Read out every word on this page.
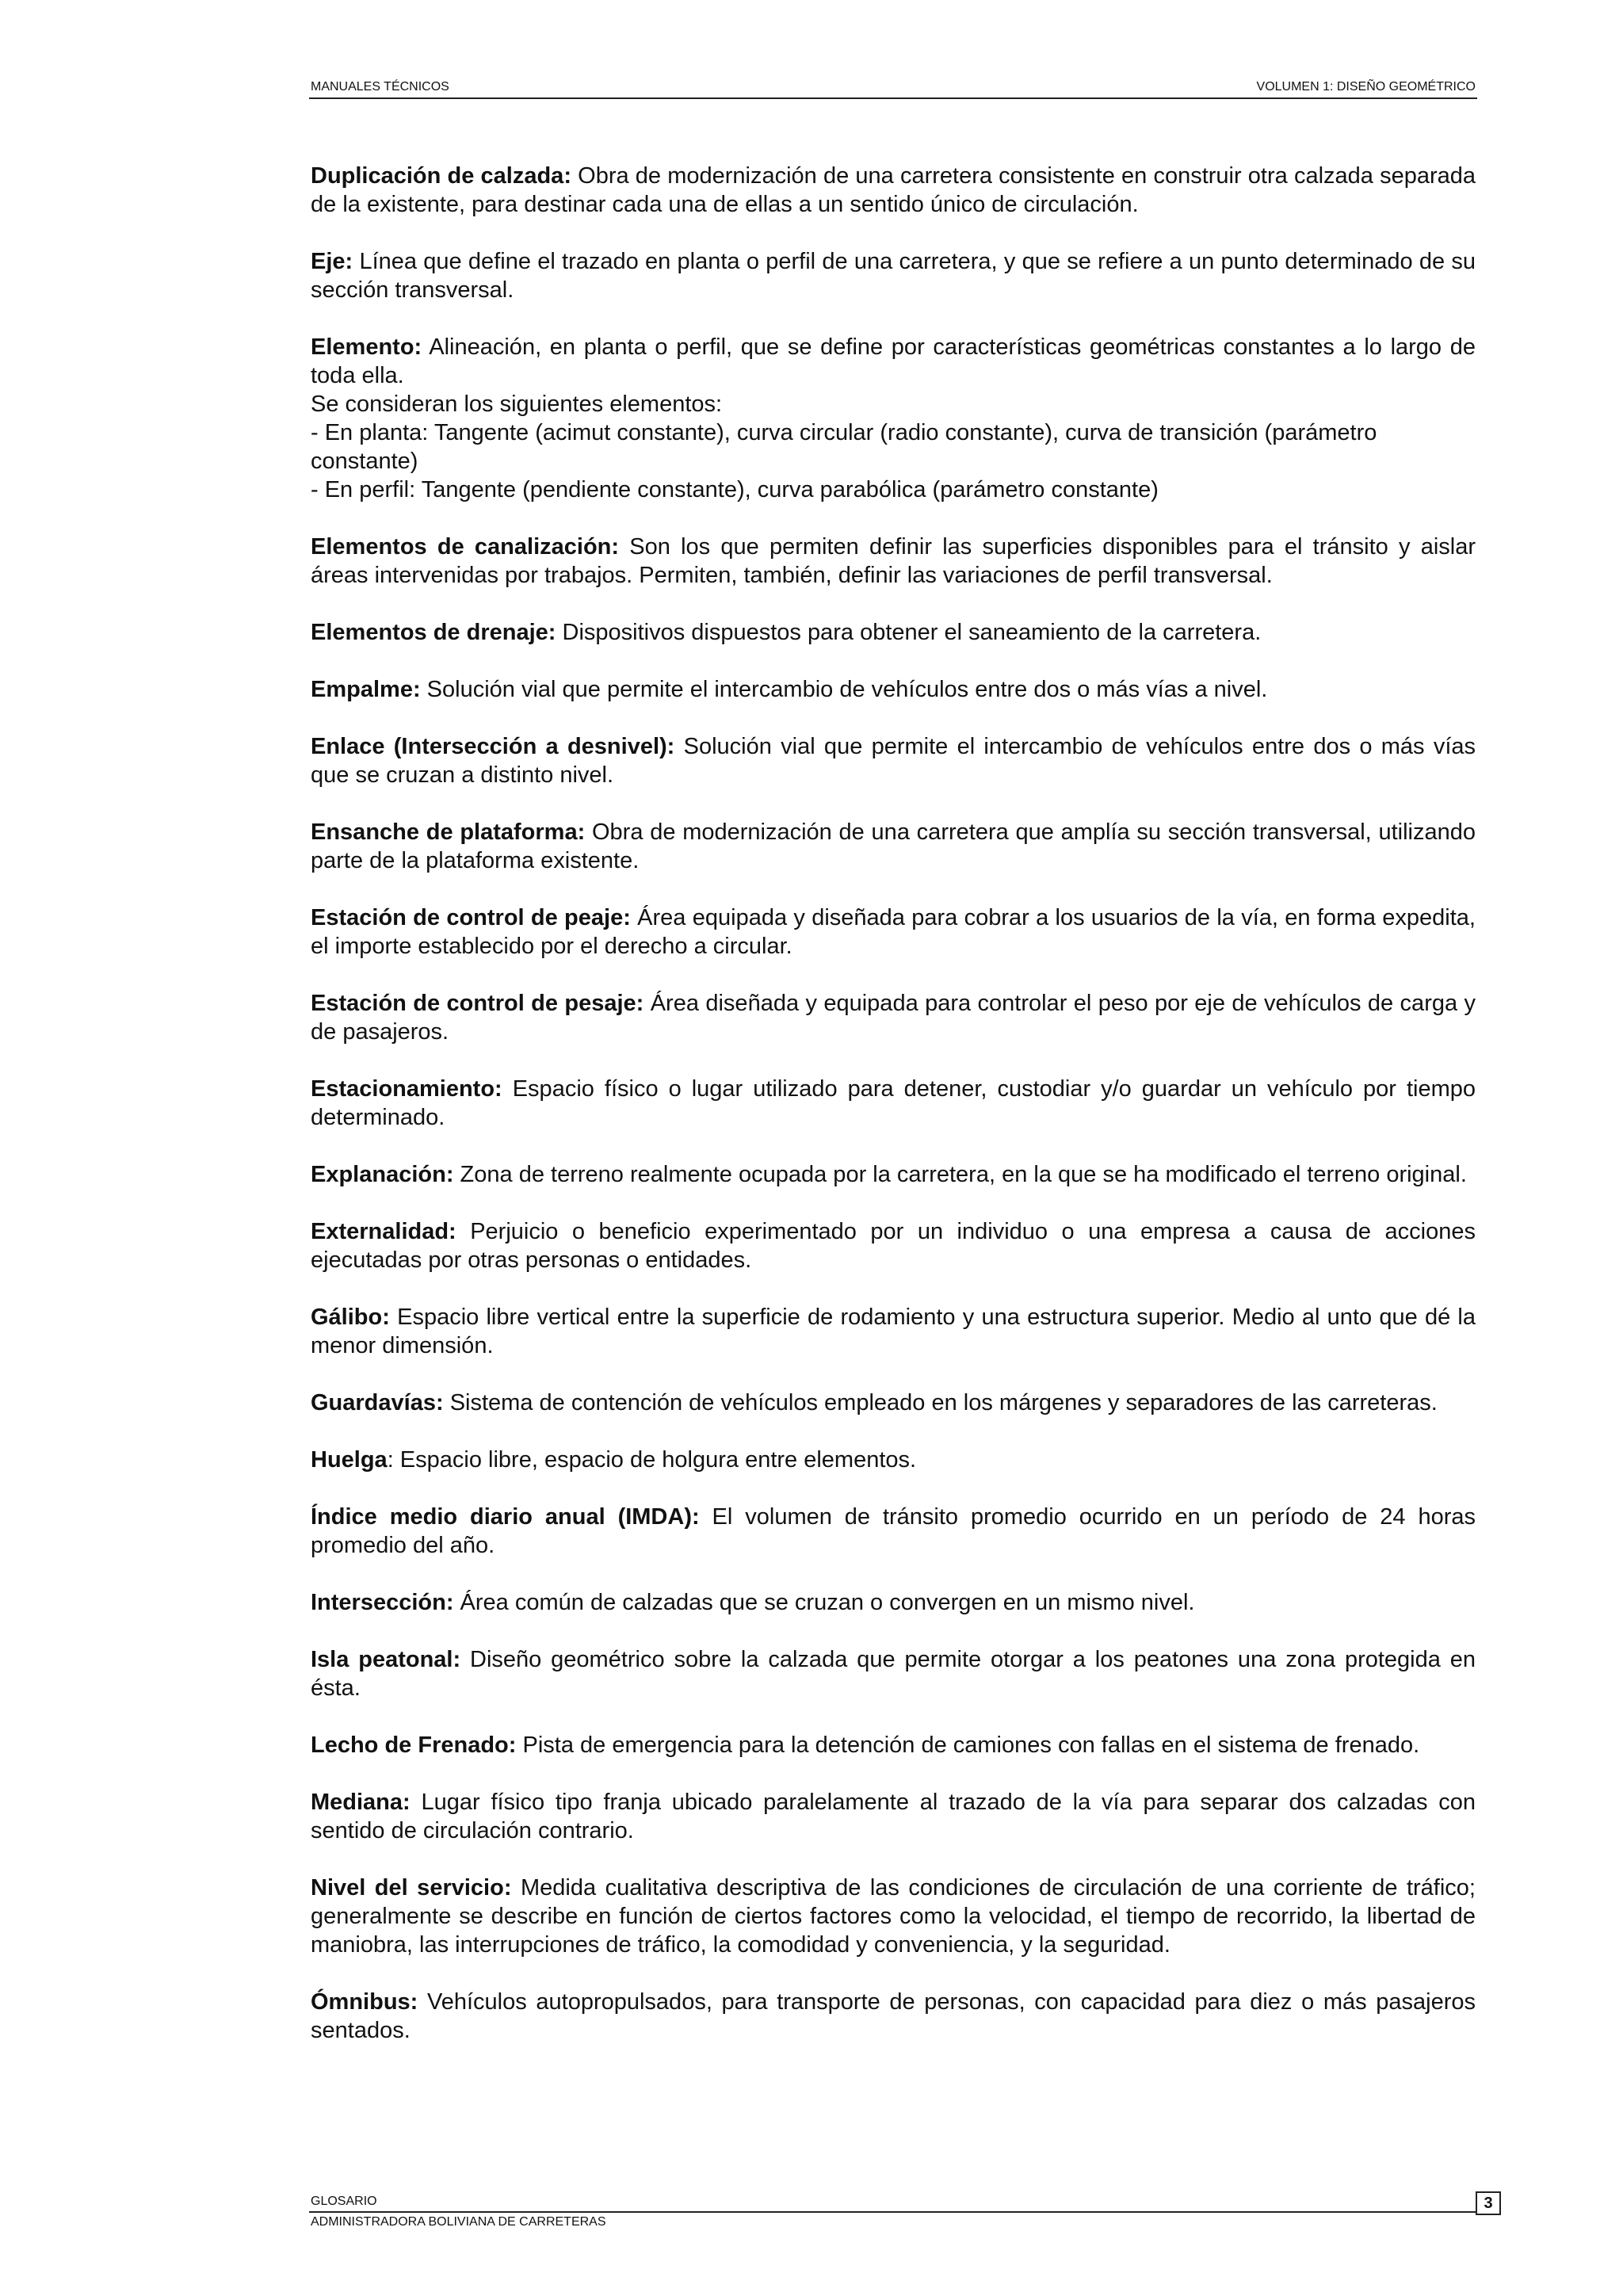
MANUALES TÉCNICOS	VOLUMEN 1: DISEÑO GEOMÉTRICO

Duplicación de calzada: Obra de modernización de una carretera consistente en construir otra calzada separada de la existente, para destinar cada una de ellas a un sentido único de circulación.

Eje: Línea que define el trazado en planta o perfil de una carretera, y que se refiere a un punto determinado de su sección transversal.

Elemento: Alineación, en planta o perfil, que se define por características geométricas constantes a lo largo de toda ella.
Se consideran los siguientes elementos:
- En planta: Tangente (acimut constante), curva circular (radio constante), curva de transición (parámetro constante)
- En perfil: Tangente (pendiente constante), curva parabólica (parámetro constante)

Elementos de canalización: Son los que permiten definir las superficies disponibles para el tránsito y aislar áreas intervenidas por trabajos. Permiten, también, definir las variaciones de perfil transversal.

Elementos de drenaje: Dispositivos dispuestos para obtener el saneamiento de la carretera.

Empalme: Solución vial que permite el intercambio de vehículos entre dos o más vías a nivel.

Enlace (Intersección a desnivel): Solución vial que permite el intercambio de vehículos entre dos o más vías que se cruzan a distinto nivel.

Ensanche de plataforma: Obra de modernización de una carretera que amplía su sección transversal, utilizando parte de la plataforma existente.

Estación de control de peaje: Área equipada y diseñada para cobrar a los usuarios de la vía, en forma expedita, el importe establecido por el derecho a circular.

Estación de control de pesaje: Área diseñada y equipada para controlar el peso por eje de vehículos de carga y de pasajeros.

Estacionamiento: Espacio físico o lugar utilizado para detener, custodiar y/o guardar un vehículo por tiempo determinado.

Explanación: Zona de terreno realmente ocupada por la carretera, en la que se ha modificado el terreno original.

Externalidad: Perjuicio o beneficio experimentado por un individuo o una empresa a causa de acciones ejecutadas por otras personas o entidades.

Gálibo: Espacio libre vertical entre la superficie de rodamiento y una estructura superior. Medio al unto que dé la menor dimensión.

Guardavías: Sistema de contención de vehículos empleado en los márgenes y separadores de las carreteras.

Huelga: Espacio libre, espacio de holgura entre elementos.

Índice medio diario anual (IMDA): El volumen de tránsito promedio ocurrido en un período de 24 horas promedio del año.

Intersección: Área común de calzadas que se cruzan o convergen en un mismo nivel.

Isla peatonal: Diseño geométrico sobre la calzada que permite otorgar a los peatones una zona protegida en ésta.

Lecho de Frenado: Pista de emergencia para la detención de camiones con fallas en el sistema de frenado.

Mediana: Lugar físico tipo franja ubicado paralelamente al trazado de la vía para separar dos calzadas con sentido de circulación contrario.

Nivel del servicio: Medida cualitativa descriptiva de las condiciones de circulación de una corriente de tráfico; generalmente se describe en función de ciertos factores como la velocidad, el tiempo de recorrido, la libertad de maniobra, las interrupciones de tráfico, la comodidad y conveniencia, y la seguridad.

Ómnibus: Vehículos autopropulsados, para transporte de personas, con capacidad para diez o más pasajeros sentados.

GLOSARIO
ADMINISTRADORA BOLIVIANA DE CARRETERAS
3
